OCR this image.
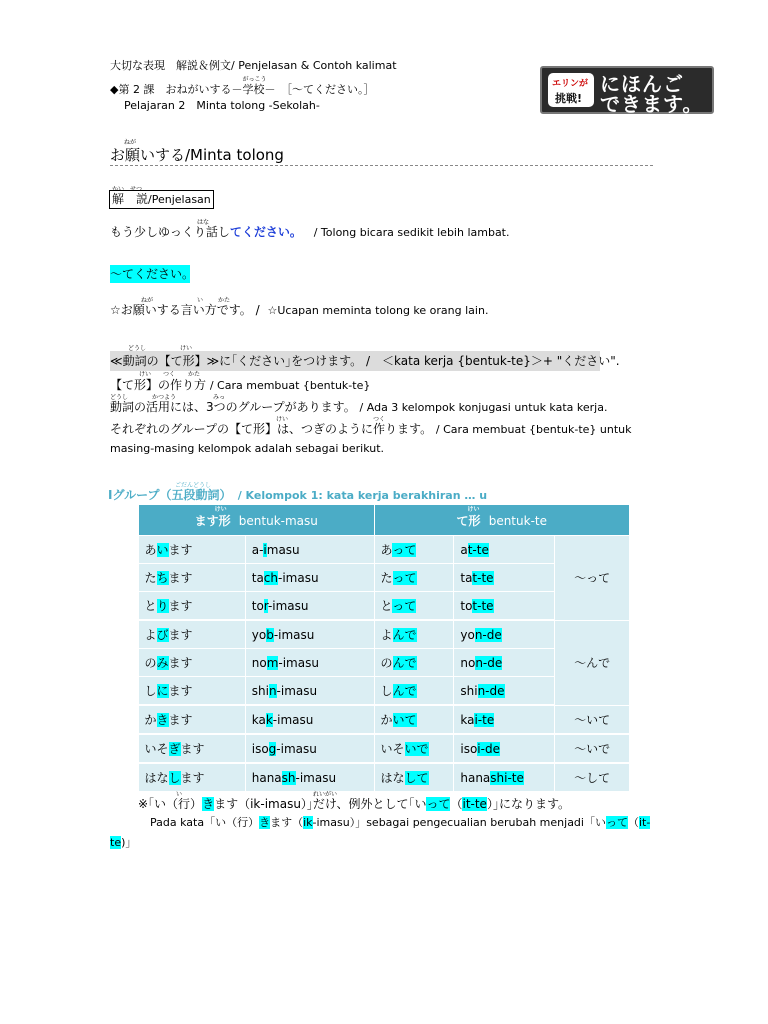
大切な表現　解説＆例文/ Penjelasan & Contoh kalimat
◆第 2 課　おねがいする－
がっこう
学校－　［～てください。］
Pelajaran 2　Minta tolong -Sekolah-
エリンが
挑戦!
にほんご
できます。
ねが
お願いする/Minta tolong
かい　せつ
解　説/Penjelasan
はな
もう少しゆっくり話してください。 / Tolong bicara sedikit lebih lambat.
～てください。
ねが	い かた
☆お願いする言い方です。 / ☆Ucapan meminta tolong ke orang lain.
どうし	けい
≪動詞の【て形】≫に｢ください｣をつけます。 /　＜kata kerja {bentuk-te}＞+ "ください".
けい つく かた
【て形】の作り方 / Cara membuat {bentuk-te}
どうし	かつよう	みっ
動詞の活用には、3つのグループがあります。 / Ada 3 kelompok konjugasi untuk kata kerja.
けい	つく
それぞれのグループの【て形】は、つぎのように作ります。 / Cara membuat {bentuk-te} untuk
masing-masing kelompok adalah sebagai berikut.
ごだんどうし
Ⅰグループ（五段動詞） / Kelompok 1: kata kerja berakhiran … u
けい
ます形 bentuk-masu		けい
て形 bentuk-te		
あいます	a-imasu	あって	at-te	～って
たちます	tach-imasu	たって	tat-te	
とります	tor-imasu	とって	tot-te	
よびます	yob-imasu	よんで	yon-de	～んで
のみます	nom-imasu	のんで	non-de	
しにます	shin-imasu	しんで	shin-de	
かきます	kak-imasu	かいて	kai-te	～いて
いそぎます	isog-imasu	いそいで	isoi-de	～いで
はなします	hanash-imasu	はなして	hanashi-te	～して
い	れいがい
※｢い（行）きます（ik-imasu）｣だけ、例外として｢いって（it-te）｣になります。
Pada kata「い（行）きます（ik-imasu）」sebagai pengecualian berubah menjadi「いって（it-
te)」
